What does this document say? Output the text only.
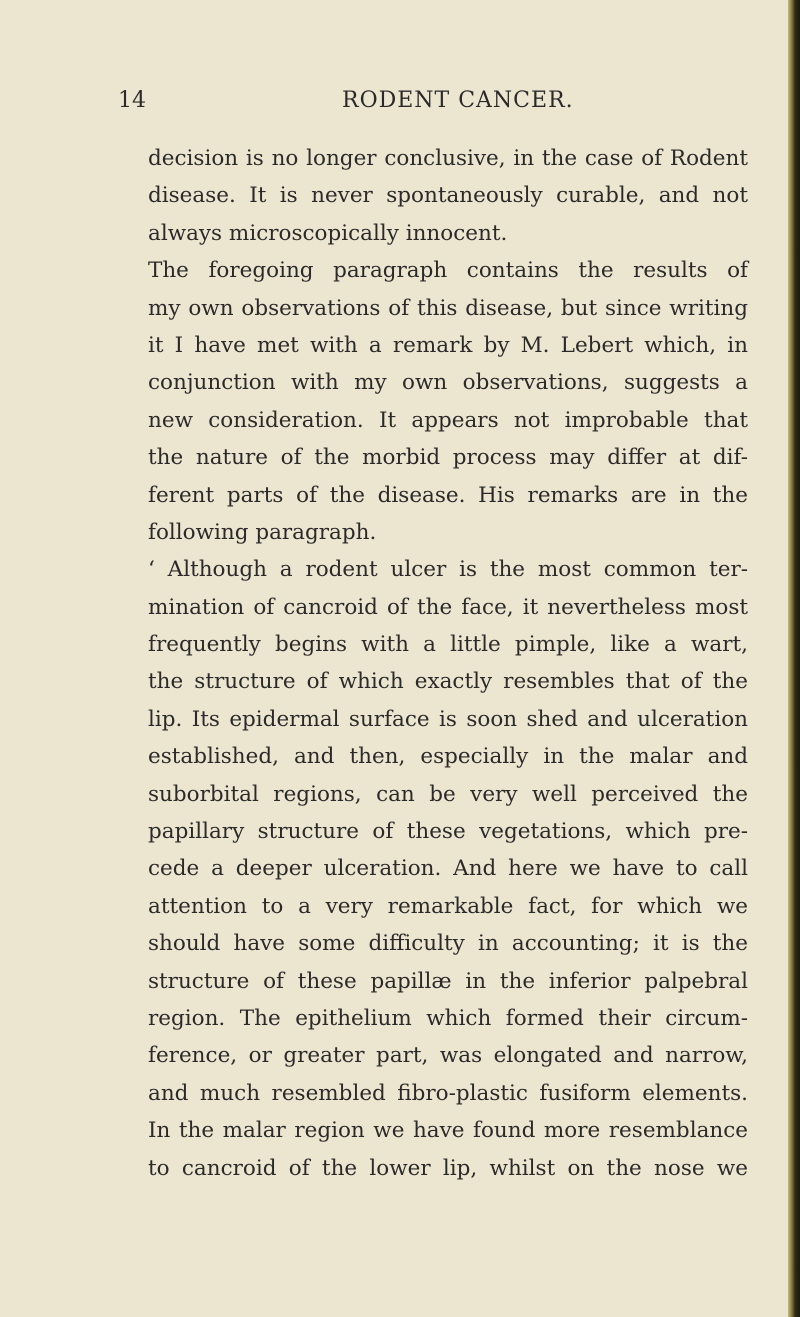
14	RODENT CANCER.
decision is no longer conclusive, in the case of Rodent
disease. It is never spontaneously curable, and not
always microscopically innocent.
The foregoing paragraph contains the results of
my own observations of this disease, but since writing
it I have met with a remark by M. Lebert which, in
conjunction with my own observations, suggests a
new consideration. It appears not improbable that
the nature of the morbid process may differ at dif-
ferent parts of the disease. His remarks are in the
following paragraph.
‘ Although a rodent ulcer is the most common ter-
mination of cancroid of the face, it nevertheless most
frequently begins with a little pimple, like a wart,
the structure of which exactly resembles that of the
lip. Its epidermal surface is soon shed and ulceration
established, and then, especially in the malar and
suborbital regions, can be very well perceived the
papillary structure of these vegetations, which pre-
cede a deeper ulceration. And here we have to call
attention to a very remarkable fact, for which we
should have some difficulty in accounting; it is the
structure of these papillæ in the inferior palpebral
region. The epithelium which formed their circum-
ference, or greater part, was elongated and narrow,
and much resembled fibro-plastic fusiform elements.
In the malar region we have found more resemblance
to cancroid of the lower lip, whilst on the nose we
